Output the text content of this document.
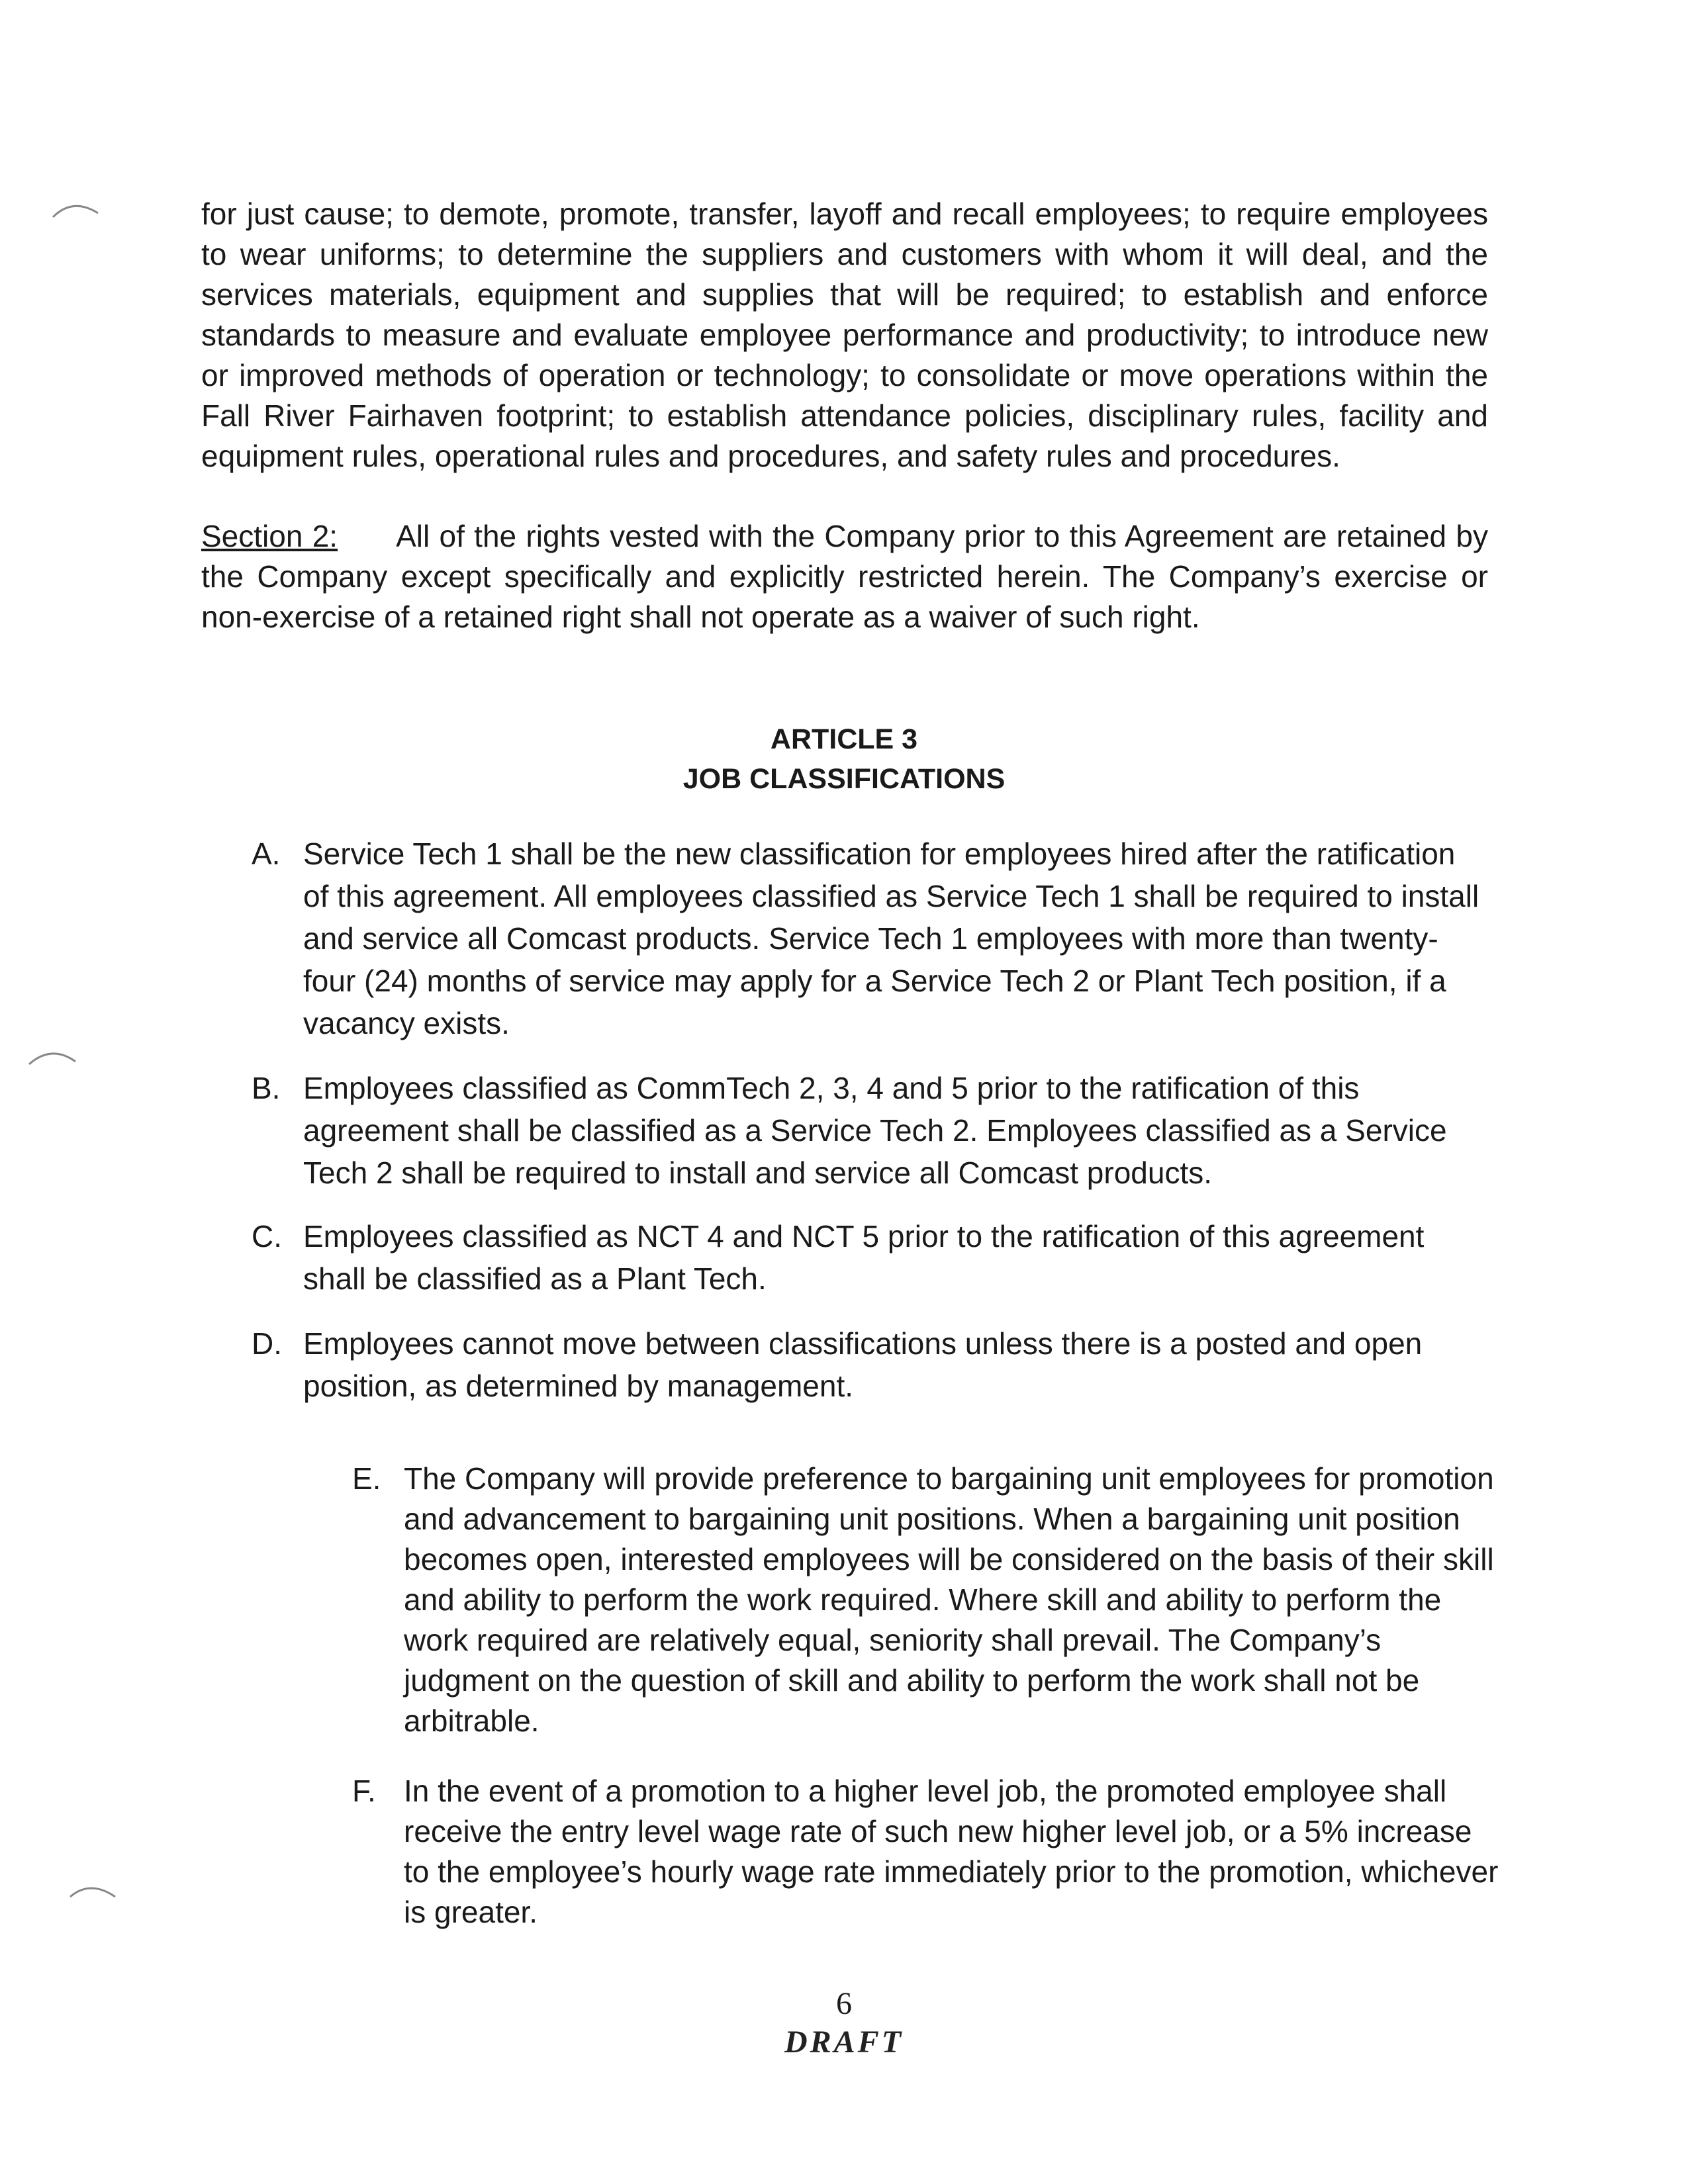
for just cause; to demote, promote, transfer, layoff and recall employees; to require employees to wear uniforms; to determine the suppliers and customers with whom it will deal, and the services materials, equipment and supplies that will be required; to establish and enforce standards to measure and evaluate employee performance and productivity; to introduce new or improved methods of operation or technology; to consolidate or move operations within the Fall River Fairhaven footprint; to establish attendance policies, disciplinary rules, facility and equipment rules, operational rules and procedures, and safety rules and procedures.
Section 2: All of the rights vested with the Company prior to this Agreement are retained by the Company except specifically and explicitly restricted herein. The Company’s exercise or non-exercise of a retained right shall not operate as a waiver of such right.
ARTICLE 3
JOB CLASSIFICATIONS
A. Service Tech 1 shall be the new classification for employees hired after the ratification of this agreement. All employees classified as Service Tech 1 shall be required to install and service all Comcast products. Service Tech 1 employees with more than twenty-four (24) months of service may apply for a Service Tech 2 or Plant Tech position, if a vacancy exists.
B. Employees classified as CommTech 2, 3, 4 and 5 prior to the ratification of this agreement shall be classified as a Service Tech 2. Employees classified as a Service Tech 2 shall be required to install and service all Comcast products.
C. Employees classified as NCT 4 and NCT 5 prior to the ratification of this agreement shall be classified as a Plant Tech.
D. Employees cannot move between classifications unless there is a posted and open position, as determined by management.
E. The Company will provide preference to bargaining unit employees for promotion and advancement to bargaining unit positions. When a bargaining unit position becomes open, interested employees will be considered on the basis of their skill and ability to perform the work required. Where skill and ability to perform the work required are relatively equal, seniority shall prevail. The Company’s judgment on the question of skill and ability to perform the work shall not be arbitrable.
F. In the event of a promotion to a higher level job, the promoted employee shall receive the entry level wage rate of such new higher level job, or a 5% increase to the employee’s hourly wage rate immediately prior to the promotion, whichever is greater.
6
DRAFT
